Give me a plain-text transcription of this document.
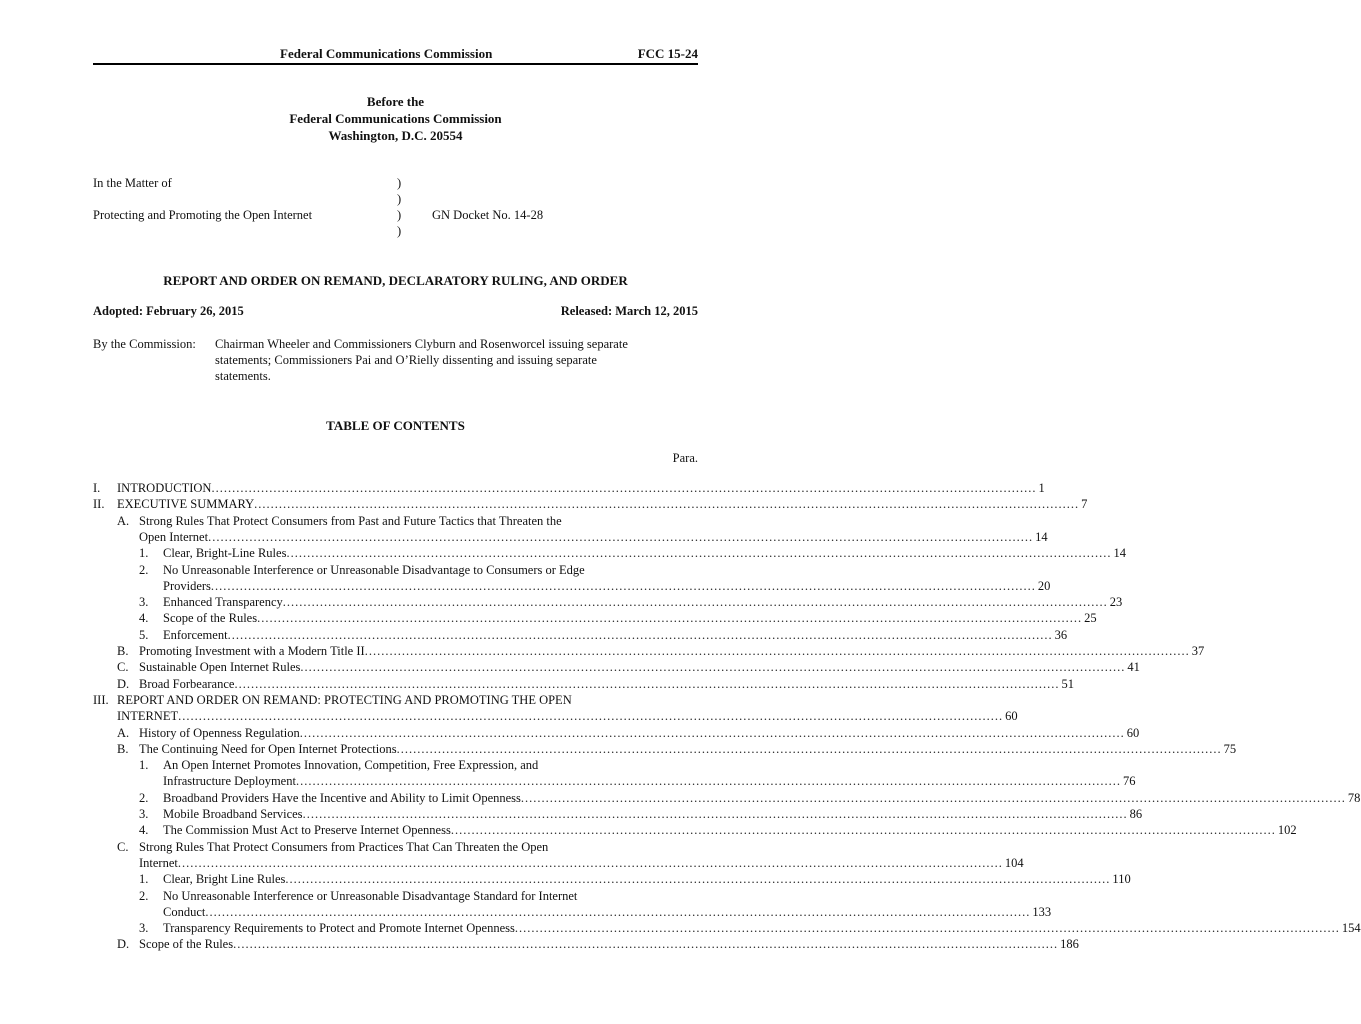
Federal Communications Commission	FCC 15-24
Before the
Federal Communications Commission
Washington, D.C. 20554
In the Matter of
Protecting and Promoting the Open Internet
)
)
)
)
GN Docket No. 14-28
REPORT AND ORDER ON REMAND, DECLARATORY RULING, AND ORDER
Adopted: February 26, 2015	Released: March 12, 2015
By the Commission: Chairman Wheeler and Commissioners Clyburn and Rosenworcel issuing separate
statements; Commissioners Pai and O’Rielly dissenting and issuing separate
statements.
TABLE OF CONTENTS
Para.
I. INTRODUCTION ........................................................................................................................................................................................................ 1
II. EXECUTIVE SUMMARY ........................................................................................................................................................................................................ 7
A. Strong Rules That Protect Consumers from Past and Future Tactics that Threaten the
Open Internet ........................................................................................................................................................................................................ 14
1. Clear, Bright-Line Rules ........................................................................................................................................................................................................ 14
2. No Unreasonable Interference or Unreasonable Disadvantage to Consumers or Edge
Providers ........................................................................................................................................................................................................ 20
3. Enhanced Transparency ........................................................................................................................................................................................................ 23
4. Scope of the Rules ........................................................................................................................................................................................................ 25
5. Enforcement ........................................................................................................................................................................................................ 36
B. Promoting Investment with a Modern Title II ........................................................................................................................................................................................................ 37
C. Sustainable Open Internet Rules ........................................................................................................................................................................................................ 41
D. Broad Forbearance ........................................................................................................................................................................................................ 51
III. REPORT AND ORDER ON REMAND: PROTECTING AND PROMOTING THE OPEN
INTERNET ........................................................................................................................................................................................................ 60
A. History of Openness Regulation ........................................................................................................................................................................................................ 60
B. The Continuing Need for Open Internet Protections ........................................................................................................................................................................................................ 75
1. An Open Internet Promotes Innovation, Competition, Free Expression, and
Infrastructure Deployment ........................................................................................................................................................................................................ 76
2. Broadband Providers Have the Incentive and Ability to Limit Openness ........................................................................................................................................................................................................ 78
3. Mobile Broadband Services ........................................................................................................................................................................................................ 86
4. The Commission Must Act to Preserve Internet Openness ........................................................................................................................................................................................................ 102
C. Strong Rules That Protect Consumers from Practices That Can Threaten the Open
Internet ........................................................................................................................................................................................................ 104
1. Clear, Bright Line Rules ........................................................................................................................................................................................................ 110
2. No Unreasonable Interference or Unreasonable Disadvantage Standard for Internet
Conduct ........................................................................................................................................................................................................ 133
3. Transparency Requirements to Protect and Promote Internet Openness ........................................................................................................................................................................................................ 154
D. Scope of the Rules ........................................................................................................................................................................................................ 186
